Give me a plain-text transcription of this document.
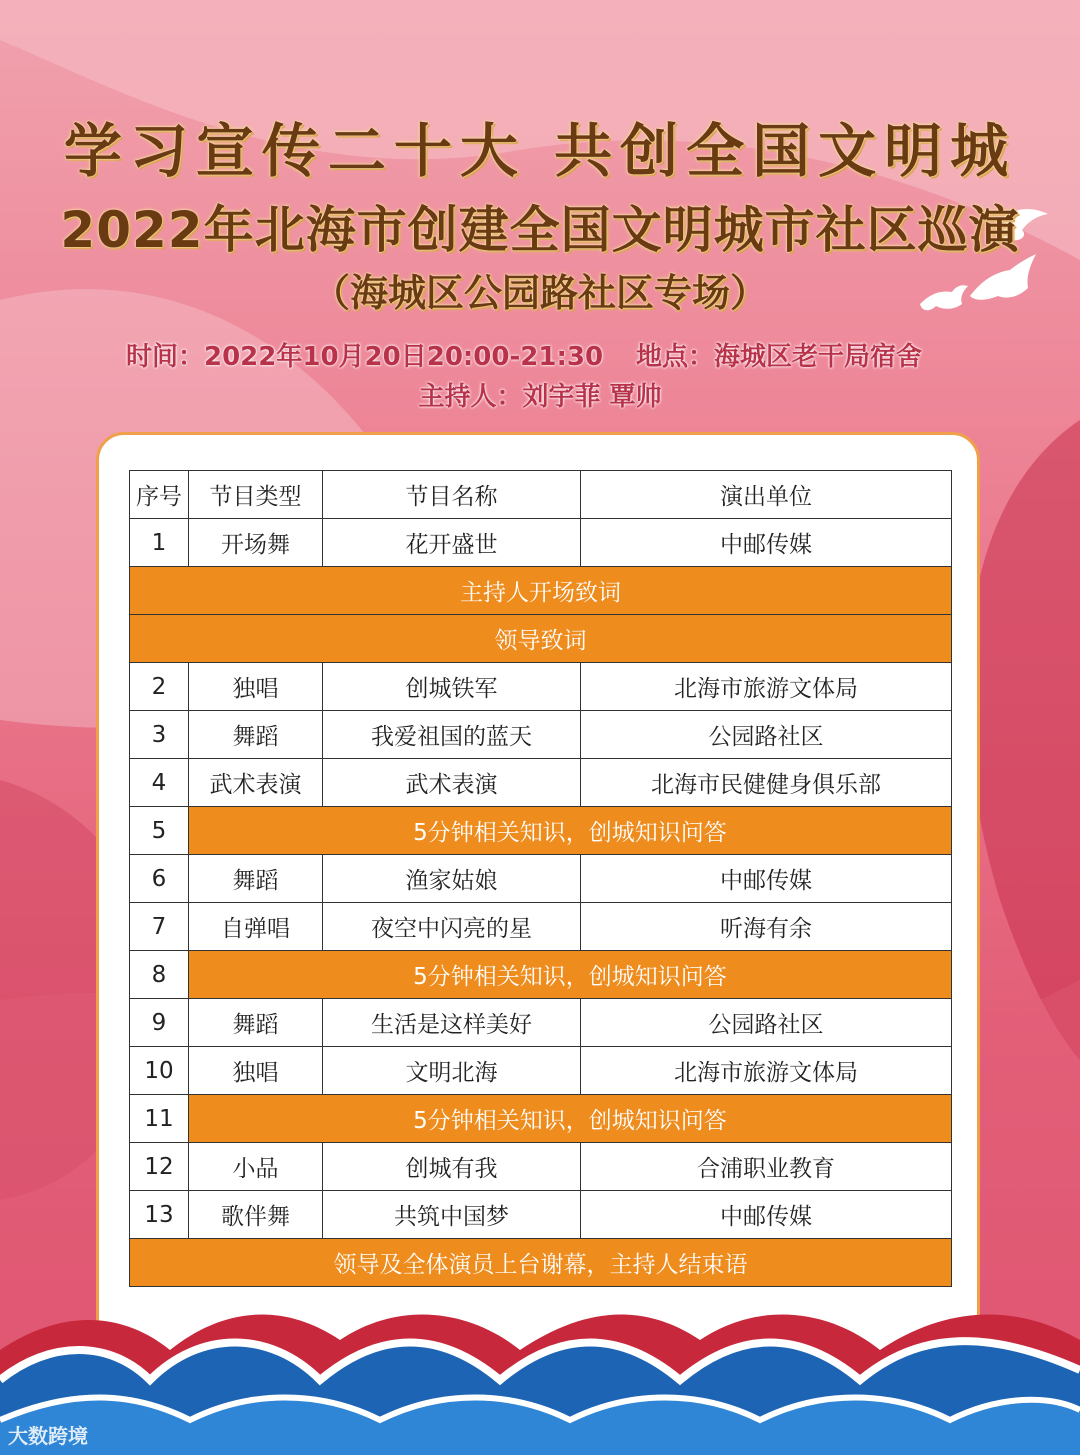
学习宣传二十大 共创全国文明城
2022年北海市创建全国文明城市社区巡演
（海城区公园路社区专场）
时间：2022年10月20日20:00-21:30 地点：海城区老干局宿舍
主持人：刘宇菲 覃帅
序号	节目类型	节目名称	演出单位
1	开场舞	花开盛世	中邮传媒
主持人开场致词			
领导致词			
2	独唱	创城铁军	北海市旅游文体局
3	舞蹈	我爱祖国的蓝天	公园路社区
4	武术表演	武术表演	北海市民健健身俱乐部
5	5分钟相关知识，创城知识问答		
6	舞蹈	渔家姑娘	中邮传媒
7	自弹唱	夜空中闪亮的星	听海有余
8	5分钟相关知识，创城知识问答		
9	舞蹈	生活是这样美好	公园路社区
10	独唱	文明北海	北海市旅游文体局
11	5分钟相关知识，创城知识问答		
12	小品	创城有我	合浦职业教育
13	歌伴舞	共筑中国梦	中邮传媒
领导及全体演员上台谢幕，主持人结束语			
大数跨境
